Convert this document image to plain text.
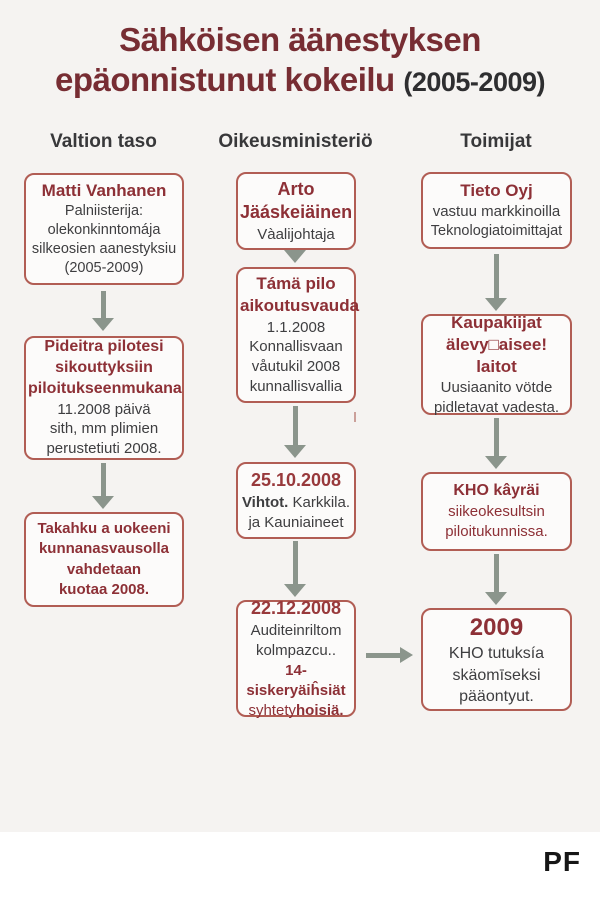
Sähköisen äänestyksen
epäonnistunut kokeilu (2005-2009)
Valtion taso	Oikeusministeriö	Toimijat
Matti Vanhanen
Palniisterija:
olekonkinntomája
silkeosien aanestyksiu
(2005-2009)
Pideitra pilotesi
sikouttyksiin
piloitukseenmukana
11.2008 päivä
sith, mm plimien
perustetiuti 2008.
Takahku a uokeeni
kunnanasvausolla
vahdetaan
kuotaa 2008.
Arto
Jäáskeiäinen
Vàalijohtaja
Támä pilo
aikoutusvauda
1.1.2008
Konnallisvaan
våutukil 2008
kunnallisvallia
25.10.2008
Vihtot. Karkkila.
ja Kauniaineet
22.12.2008
Auditeinriltom
kolmpazcu..
14-siskeryäiĥsiät
syhtetyhoisiä.
Tieto Oyj
vastuu markkinoilla
Teknologiatoimittajat
Kaupakiijat
älevy□aisee! laitot
Uusiaanito vötde
pidletavat vadesta.
KHO kâyräi
siikeokesultsin
piloitukunnissa.
2009
KHO tutuksía
skäomīseksi
pääontyut.
PF
